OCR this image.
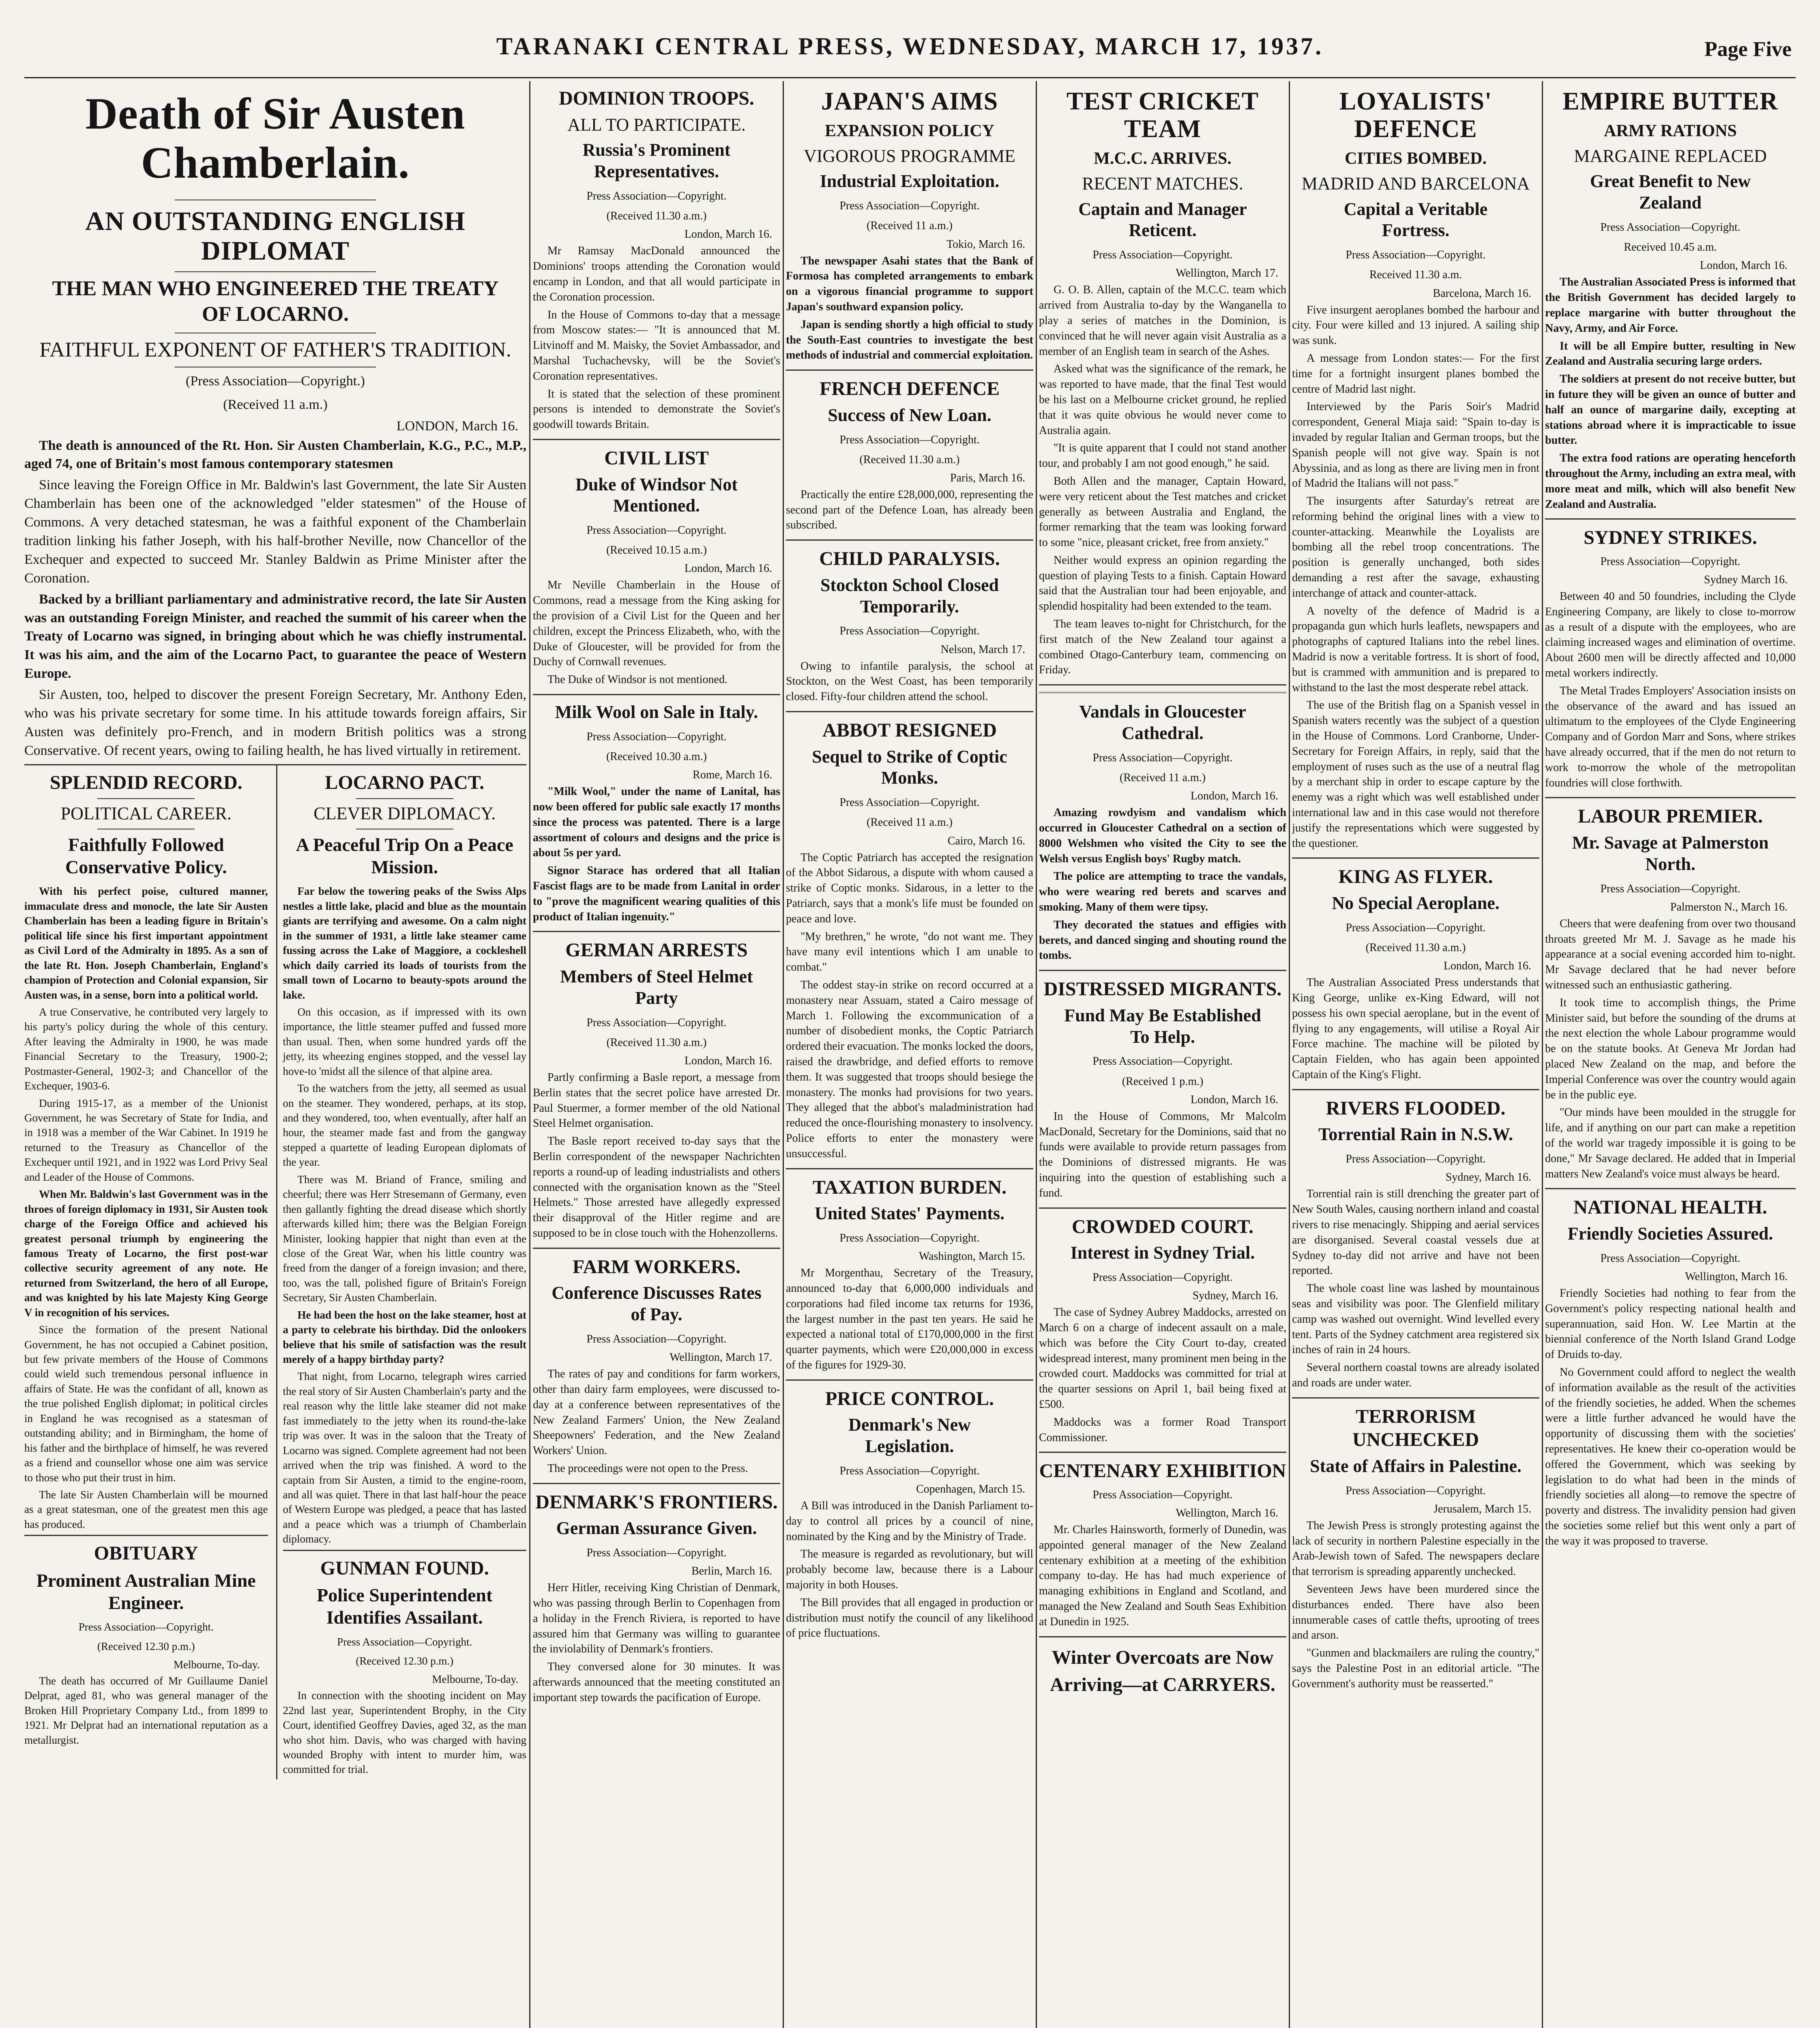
TARANAKI CENTRAL PRESS, WEDNESDAY, MARCH 17, 1937.	Page Five
Death of Sir Austen Chamberlain.
AN OUTSTANDING ENGLISH DIPLOMAT
THE MAN WHO ENGINEERED THE TREATY OF LOCARNO.
FAITHFUL EXPONENT OF FATHER'S TRADITION.
(Press Association—Copyright.)
(Received 11 a.m.)
LONDON, March 16.

The death is announced of the Rt. Hon. Sir Austen Chamberlain, K.G., P.C., M.P., aged 74, one of Britain's most famous contemporary statesmen

Since leaving the Foreign Office in Mr. Baldwin's last Government, the late Sir Austen Chamberlain has been one of the acknowledged "elder statesmen" of the House of Commons. A very detached statesman, he was a faithful exponent of the Chamberlain tradition linking his father Joseph, with his half-brother Neville, now Chancellor of the Exchequer and expected to succeed Mr. Stanley Baldwin as Prime Minister after the Coronation.

Backed by a brilliant parliamentary and administrative record, the late Sir Austen was an outstanding Foreign Minister, and reached the summit of his career when the Treaty of Locarno was signed, in bringing about which he was chiefly instrumental. It was his aim, and the aim of the Locarno Pact, to guarantee the peace of Western Europe.

Sir Austen, too, helped to discover the present Foreign Secretary, Mr. Anthony Eden, who was his private secretary for some time. In his attitude towards foreign affairs, Sir Austen was definitely pro-French, and in modern British politics was a strong Conservative. Of recent years, owing to failing health, he has lived virtually in retirement.

SPLENDID RECORD.
POLITICAL CAREER.
Faithfully Followed Conservative Policy.

With his perfect poise, cultured manner, immaculate dress and monocle, the late Sir Austen Chamberlain has been a leading figure in Britain's political life since his first important appointment as Civil Lord of the Admiralty in 1895. As a son of the late Rt. Hon. Joseph Chamberlain, England's champion of Protection and Colonial expansion, Sir Austen was, in a sense, born into a political world.

A true Conservative, he contributed very largely to his party's policy during the whole of this century. After leaving the Admiralty in 1900, he was made Financial Secretary to the Treasury, 1900-2; Postmaster-General, 1902-3; and Chancellor of the Exchequer, 1903-6.

During 1915-17, as a member of the Unionist Government, he was Secretary of State for India, and in 1918 was a member of the War Cabinet. In 1919 he returned to the Treasury as Chancellor of the Exchequer until 1921, and in 1922 was Lord Privy Seal and Leader of the House of Commons.

When Mr. Baldwin's last Government was in the throes of foreign diplomacy in 1931, Sir Austen took charge of the Foreign Office and achieved his greatest personal triumph by engineering the famous Treaty of Locarno, the first post-war collective security agreement of any note. He returned from Switzerland, the hero of all Europe, and was knighted by his late Majesty King George V in recognition of his services.

Since the formation of the present National Government, he has not occupied a Cabinet position, but few private members of the House of Commons could wield such tremendous personal influence in affairs of State. He was the confidant of all, known as the true polished English diplomat; in political circles in England he was recognised as a statesman of outstanding ability; and in Birmingham, the home of his father and the birthplace of himself, he was revered as a friend and counsellor whose one aim was service to those who put their trust in him.

The late Sir Austen Chamberlain will be mourned as a great statesman, one of the greatest men this age has produced.

OBITUARY
Prominent Australian Mine Engineer.
Press Association—Copyright.
(Received 12.30 p.m.)
Melbourne, To-day.

The death has occurred of Mr Guillaume Daniel Delprat, aged 81, who was general manager of the Broken Hill Proprietary Company Ltd., from 1899 to 1921. Mr Delprat had an international reputation as a metallurgist.

LOCARNO PACT.
CLEVER DIPLOMACY.
A Peaceful Trip On a Peace Mission.

Far below the towering peaks of the Swiss Alps nestles a little lake, placid and blue as the mountain giants are terrifying and awesome. On a calm night in the summer of 1931, a little lake steamer came fussing across the Lake of Maggiore, a cockleshell which daily carried its loads of tourists from the small town of Locarno to beauty-spots around the lake.

On this occasion, as if impressed with its own importance, the little steamer puffed and fussed more than usual. Then, when some hundred yards off the jetty, its wheezing engines stopped, and the vessel lay hove-to 'midst all the silence of that alpine area.

To the watchers from the jetty, all seemed as usual on the steamer. They wondered, perhaps, at its stop, and they wondered, too, when eventually, after half an hour, the steamer made fast and from the gangway stepped a quartette of leading European diplomats of the year.

There was M. Briand of France, smiling and cheerful; there was Herr Stresemann of Germany, even then gallantly fighting the dread disease which shortly afterwards killed him; there was the Belgian Foreign Minister, looking happier that night than even at the close of the Great War, when his little country was freed from the danger of a foreign invasion; and there, too, was the tall, polished figure of Britain's Foreign Secretary, Sir Austen Chamberlain.

He had been the host on the lake steamer, host at a party to celebrate his birthday. Did the onlookers believe that his smile of satisfaction was the result merely of a happy birthday party?

That night, from Locarno, telegraph wires carried the real story of Sir Austen Chamberlain's party and the real reason why the little lake steamer did not make fast immediately to the jetty when its round-the-lake trip was over. It was in the saloon that the Treaty of Locarno was signed. Complete agreement had not been arrived when the trip was finished. A word to the captain from Sir Austen, a timid to the engine-room, and all was quiet. There in that last half-hour the peace of Western Europe was pledged, a peace that has lasted and a peace which was a triumph of Chamberlain diplomacy.

GUNMAN FOUND.
Police Superintendent Identifies Assailant.
Press Association—Copyright.
(Received 12.30 p.m.)
Melbourne, To-day.

In connection with the shooting incident on May 22nd last year, Superintendent Brophy, in the City Court, identified Geoffrey Davies, aged 32, as the man who shot him. Davis, who was charged with having wounded Brophy with intent to murder him, was committed for trial.

DOMINION TROOPS.
ALL TO PARTICIPATE.
Russia's Prominent Representatives.
Press Association—Copyright.
(Received 11.30 a.m.)
London, March 16.

Mr Ramsay MacDonald announced the Dominions' troops attending the Coronation would encamp in London, and that all would participate in the Coronation procession.

In the House of Commons to-day that a message from Moscow states:— "It is announced that M. Litvinoff and M. Maisky, the Soviet Ambassador, and Marshal Tuchachevsky, will be the Soviet's Coronation representatives.

It is stated that the selection of these prominent persons is intended to demonstrate the Soviet's goodwill towards Britain.

CIVIL LIST
Duke of Windsor Not Mentioned.
Press Association—Copyright.
(Received 10.15 a.m.)
London, March 16.

Mr Neville Chamberlain in the House of Commons, read a message from the King asking for the provision of a Civil List for the Queen and her children, except the Princess Elizabeth, who, with the Duke of Gloucester, will be provided for from the Duchy of Cornwall revenues.

The Duke of Windsor is not mentioned.

Milk Wool on Sale in Italy.
Press Association—Copyright.
(Received 10.30 a.m.)
Rome, March 16.

"Milk Wool," under the name of Lanital, has now been offered for public sale exactly 17 months since the process was patented. There is a large assortment of colours and designs and the price is about 5s per yard.

Signor Starace has ordered that all Italian Fascist flags are to be made from Lanital in order to "prove the magnificent wearing qualities of this product of Italian ingenuity."

GERMAN ARRESTS
Members of Steel Helmet Party
Press Association—Copyright.
(Received 11.30 a.m.)
London, March 16.

Partly confirming a Basle report, a message from Berlin states that the secret police have arrested Dr. Paul Stuermer, a former member of the old National Steel Helmet organisation.

The Basle report received to-day says that the Berlin correspondent of the newspaper Nachrichten reports a round-up of leading industrialists and others connected with the organisation known as the "Steel Helmets." Those arrested have allegedly expressed their disapproval of the Hitler regime and are supposed to be in close touch with the Hohenzollerns.

FARM WORKERS.
Conference Discusses Rates of Pay.
Press Association—Copyright.
Wellington, March 17.

The rates of pay and conditions for farm workers, other than dairy farm employees, were discussed to-day at a conference between representatives of the New Zealand Farmers' Union, the New Zealand Sheepowners' Federation, and the New Zealand Workers' Union.

The proceedings were not open to the Press.

DENMARK'S FRONTIERS.
German Assurance Given.
Press Association—Copyright.
Berlin, March 16.

Herr Hitler, receiving King Christian of Denmark, who was passing through Berlin to Copenhagen from a holiday in the French Riviera, is reported to have assured him that Germany was willing to guarantee the inviolability of Denmark's frontiers.

They conversed alone for 30 minutes. It was afterwards announced that the meeting constituted an important step towards the pacification of Europe.

JAPAN'S AIMS
EXPANSION POLICY
VIGOROUS PROGRAMME
Industrial Exploitation.
Press Association—Copyright.
(Received 11 a.m.)
Tokio, March 16.

The newspaper Asahi states that the Bank of Formosa has completed arrangements to embark on a vigorous financial programme to support Japan's southward expansion policy.

Japan is sending shortly a high official to study the South-East countries to investigate the best methods of industrial and commercial exploitation.

FRENCH DEFENCE
Success of New Loan.
Press Association—Copyright.
(Received 11.30 a.m.)
Paris, March 16.

Practically the entire £28,000,000, representing the second part of the Defence Loan, has already been subscribed.

CHILD PARALYSIS.
Stockton School Closed Temporarily.
Press Association—Copyright.
Nelson, March 17.

Owing to infantile paralysis, the school at Stockton, on the West Coast, has been temporarily closed. Fifty-four children attend the school.

ABBOT RESIGNED
Sequel to Strike of Coptic Monks.
Press Association—Copyright.
(Received 11 a.m.)
Cairo, March 16.

The Coptic Patriarch has accepted the resignation of the Abbot Sidarous, a dispute with whom caused a strike of Coptic monks. Sidarous, in a letter to the Patriarch, says that a monk's life must be founded on peace and love.

"My brethren," he wrote, "do not want me. They have many evil intentions which I am unable to combat."

The oddest stay-in strike on record occurred at a monastery near Assuam, stated a Cairo message of March 1. Following the excommunication of a number of disobedient monks, the Coptic Patriarch ordered their evacuation. The monks locked the doors, raised the drawbridge, and defied efforts to remove them. It was suggested that troops should besiege the monastery. The monks had provisions for two years. They alleged that the abbot's maladministration had reduced the once-flourishing monastery to insolvency. Police efforts to enter the monastery were unsuccessful.

TAXATION BURDEN.
United States' Payments.
Press Association—Copyright.
Washington, March 15.

Mr Morgenthau, Secretary of the Treasury, announced to-day that 6,000,000 individuals and corporations had filed income tax returns for 1936, the largest number in the past ten years. He said he expected a national total of £170,000,000 in the first quarter payments, which were £20,000,000 in excess of the figures for 1929-30.

PRICE CONTROL.
Denmark's New Legislation.
Press Association—Copyright.
Copenhagen, March 15.

A Bill was introduced in the Danish Parliament to-day to control all prices by a council of nine, nominated by the King and by the Ministry of Trade.

The measure is regarded as revolutionary, but will probably become law, because there is a Labour majority in both Houses.

The Bill provides that all engaged in production or distribution must notify the council of any likelihood of price fluctuations.

TEST CRICKET TEAM
M.C.C. ARRIVES.
RECENT MATCHES.
Captain and Manager Reticent.
Press Association—Copyright.
Wellington, March 17.

G. O. B. Allen, captain of the M.C.C. team which arrived from Australia to-day by the Wanganella to play a series of matches in the Dominion, is convinced that he will never again visit Australia as a member of an English team in search of the Ashes.

Asked what was the significance of the remark, he was reported to have made, that the final Test would be his last on a Melbourne cricket ground, he replied that it was quite obvious he would never come to Australia again.

"It is quite apparent that I could not stand another tour, and probably I am not good enough," he said.

Both Allen and the manager, Captain Howard, were very reticent about the Test matches and cricket generally as between Australia and England, the former remarking that the team was looking forward to some "nice, pleasant cricket, free from anxiety."

Neither would express an opinion regarding the question of playing Tests to a finish. Captain Howard said that the Australian tour had been enjoyable, and splendid hospitality had been extended to the team.

The team leaves to-night for Christchurch, for the first match of the New Zealand tour against a combined Otago-Canterbury team, commencing on Friday.

Vandals in Gloucester Cathedral.
Press Association—Copyright.
(Received 11 a.m.)
London, March 16.

Amazing rowdyism and vandalism which occurred in Gloucester Cathedral on a section of 8000 Welshmen who visited the City to see the Welsh versus English boys' Rugby match.

The police are attempting to trace the vandals, who were wearing red berets and scarves and smoking. Many of them were tipsy.

They decorated the statues and effigies with berets, and danced singing and shouting round the tombs.

DISTRESSED MIGRANTS.
Fund May Be Established To Help.
Press Association—Copyright.
(Received 1 p.m.)
London, March 16.

In the House of Commons, Mr Malcolm MacDonald, Secretary for the Dominions, said that no funds were available to provide return passages from the Dominions of distressed migrants. He was inquiring into the question of establishing such a fund.

CROWDED COURT.
Interest in Sydney Trial.
Press Association—Copyright.
Sydney, March 16.

The case of Sydney Aubrey Maddocks, arrested on March 6 on a charge of indecent assault on a male, which was before the City Court to-day, created widespread interest, many prominent men being in the crowded court. Maddocks was committed for trial at the quarter sessions on April 1, bail being fixed at £500.

Maddocks was a former Road Transport Commissioner.

CENTENARY EXHIBITION
Press Association—Copyright.
Wellington, March 16.

Mr. Charles Hainsworth, formerly of Dunedin, was appointed general manager of the New Zealand centenary exhibition at a meeting of the exhibition company to-day. He has had much experience of managing exhibitions in England and Scotland, and managed the New Zealand and South Seas Exhibition at Dunedin in 1925.

Winter Overcoats are Now
Arriving—at CARRYERS.
LOYALISTS' DEFENCE
CITIES BOMBED.
MADRID AND BARCELONA
Capital a Veritable Fortress.
Press Association—Copyright.
Received 11.30 a.m.
Barcelona, March 16.

Five insurgent aeroplanes bombed the harbour and city. Four were killed and 13 injured. A sailing ship was sunk.

A message from London states:— For the first time for a fortnight insurgent planes bombed the centre of Madrid last night.

Interviewed by the Paris Soir's Madrid correspondent, General Miaja said: "Spain to-day is invaded by regular Italian and German troops, but the Spanish people will not give way. Spain is not Abyssinia, and as long as there are living men in front of Madrid the Italians will not pass."

The insurgents after Saturday's retreat are reforming behind the original lines with a view to counter-attacking. Meanwhile the Loyalists are bombing all the rebel troop concentrations. The position is generally unchanged, both sides demanding a rest after the savage, exhausting interchange of attack and counter-attack.

A novelty of the defence of Madrid is a propaganda gun which hurls leaflets, newspapers and photographs of captured Italians into the rebel lines. Madrid is now a veritable fortress. It is short of food, but is crammed with ammunition and is prepared to withstand to the last the most desperate rebel attack.

The use of the British flag on a Spanish vessel in Spanish waters recently was the subject of a question in the House of Commons. Lord Cranborne, Under-Secretary for Foreign Affairs, in reply, said that the employment of ruses such as the use of a neutral flag by a merchant ship in order to escape capture by the enemy was a right which was well established under international law and in this case would not therefore justify the representations which were suggested by the questioner.

KING AS FLYER.
No Special Aeroplane.
Press Association—Copyright.
(Received 11.30 a.m.)
London, March 16.

The Australian Associated Press understands that King George, unlike ex-King Edward, will not possess his own special aeroplane, but in the event of flying to any engagements, will utilise a Royal Air Force machine. The machine will be piloted by Captain Fielden, who has again been appointed Captain of the King's Flight.

RIVERS FLOODED.
Torrential Rain in N.S.W.
Press Association—Copyright.
Sydney, March 16.

Torrential rain is still drenching the greater part of New South Wales, causing northern inland and coastal rivers to rise menacingly. Shipping and aerial services are disorganised. Several coastal vessels due at Sydney to-day did not arrive and have not been reported.

The whole coast line was lashed by mountainous seas and visibility was poor. The Glenfield military camp was washed out overnight. Wind levelled every tent. Parts of the Sydney catchment area registered six inches of rain in 24 hours.

Several northern coastal towns are already isolated and roads are under water.

TERRORISM UNCHECKED
State of Affairs in Palestine.
Press Association—Copyright.
Jerusalem, March 15.

The Jewish Press is strongly protesting against the lack of security in northern Palestine especially in the Arab-Jewish town of Safed. The newspapers declare that terrorism is spreading apparently unchecked.

Seventeen Jews have been murdered since the disturbances ended. There have also been innumerable cases of cattle thefts, uprooting of trees and arson.

"Gunmen and blackmailers are ruling the country," says the Palestine Post in an editorial article. "The Government's authority must be reasserted."

EMPIRE BUTTER
ARMY RATIONS
MARGAINE REPLACED
Great Benefit to New Zealand
Press Association—Copyright.
Received 10.45 a.m.
London, March 16.

The Australian Associated Press is informed that the British Government has decided largely to replace margarine with butter throughout the Navy, Army, and Air Force.

It will be all Empire butter, resulting in New Zealand and Australia securing large orders.

The soldiers at present do not receive butter, but in future they will be given an ounce of butter and half an ounce of margarine daily, excepting at stations abroad where it is impracticable to issue butter.

The extra food rations are operating henceforth throughout the Army, including an extra meal, with more meat and milk, which will also benefit New Zealand and Australia.

SYDNEY STRIKES.
Press Association—Copyright.
Sydney March 16.

Between 40 and 50 foundries, including the Clyde Engineering Company, are likely to close to-morrow as a result of a dispute with the employees, who are claiming increased wages and elimination of overtime. About 2600 men will be directly affected and 10,000 metal workers indirectly.

The Metal Trades Employers' Association insists on the observance of the award and has issued an ultimatum to the employees of the Clyde Engineering Company and of Gordon Marr and Sons, where strikes have already occurred, that if the men do not return to work to-morrow the whole of the metropolitan foundries will close forthwith.

LABOUR PREMIER.
Mr. Savage at Palmerston North.
Press Association—Copyright.
Palmerston N., March 16.

Cheers that were deafening from over two thousand throats greeted Mr M. J. Savage as he made his appearance at a social evening accorded him to-night. Mr Savage declared that he had never before witnessed such an enthusiastic gathering.

It took time to accomplish things, the Prime Minister said, but before the sounding of the drums at the next election the whole Labour programme would be on the statute books. At Geneva Mr Jordan had placed New Zealand on the map, and before the Imperial Conference was over the country would again be in the public eye.

"Our minds have been moulded in the struggle for life, and if anything on our part can make a repetition of the world war tragedy impossible it is going to be done," Mr Savage declared. He added that in Imperial matters New Zealand's voice must always be heard.

NATIONAL HEALTH.
Friendly Societies Assured.
Press Association—Copyright.
Wellington, March 16.

Friendly Societies had nothing to fear from the Government's policy respecting national health and superannuation, said Hon. W. Lee Martin at the biennial conference of the North Island Grand Lodge of Druids to-day.

No Government could afford to neglect the wealth of information available as the result of the activities of the friendly societies, he added. When the schemes were a little further advanced he would have the opportunity of discussing them with the societies' representatives. He knew their co-operation would be offered the Government, which was seeking by legislation to do what had been in the minds of friendly societies all along—to remove the spectre of poverty and distress. The invalidity pension had given the societies some relief but this went only a part of the way it was proposed to traverse.
